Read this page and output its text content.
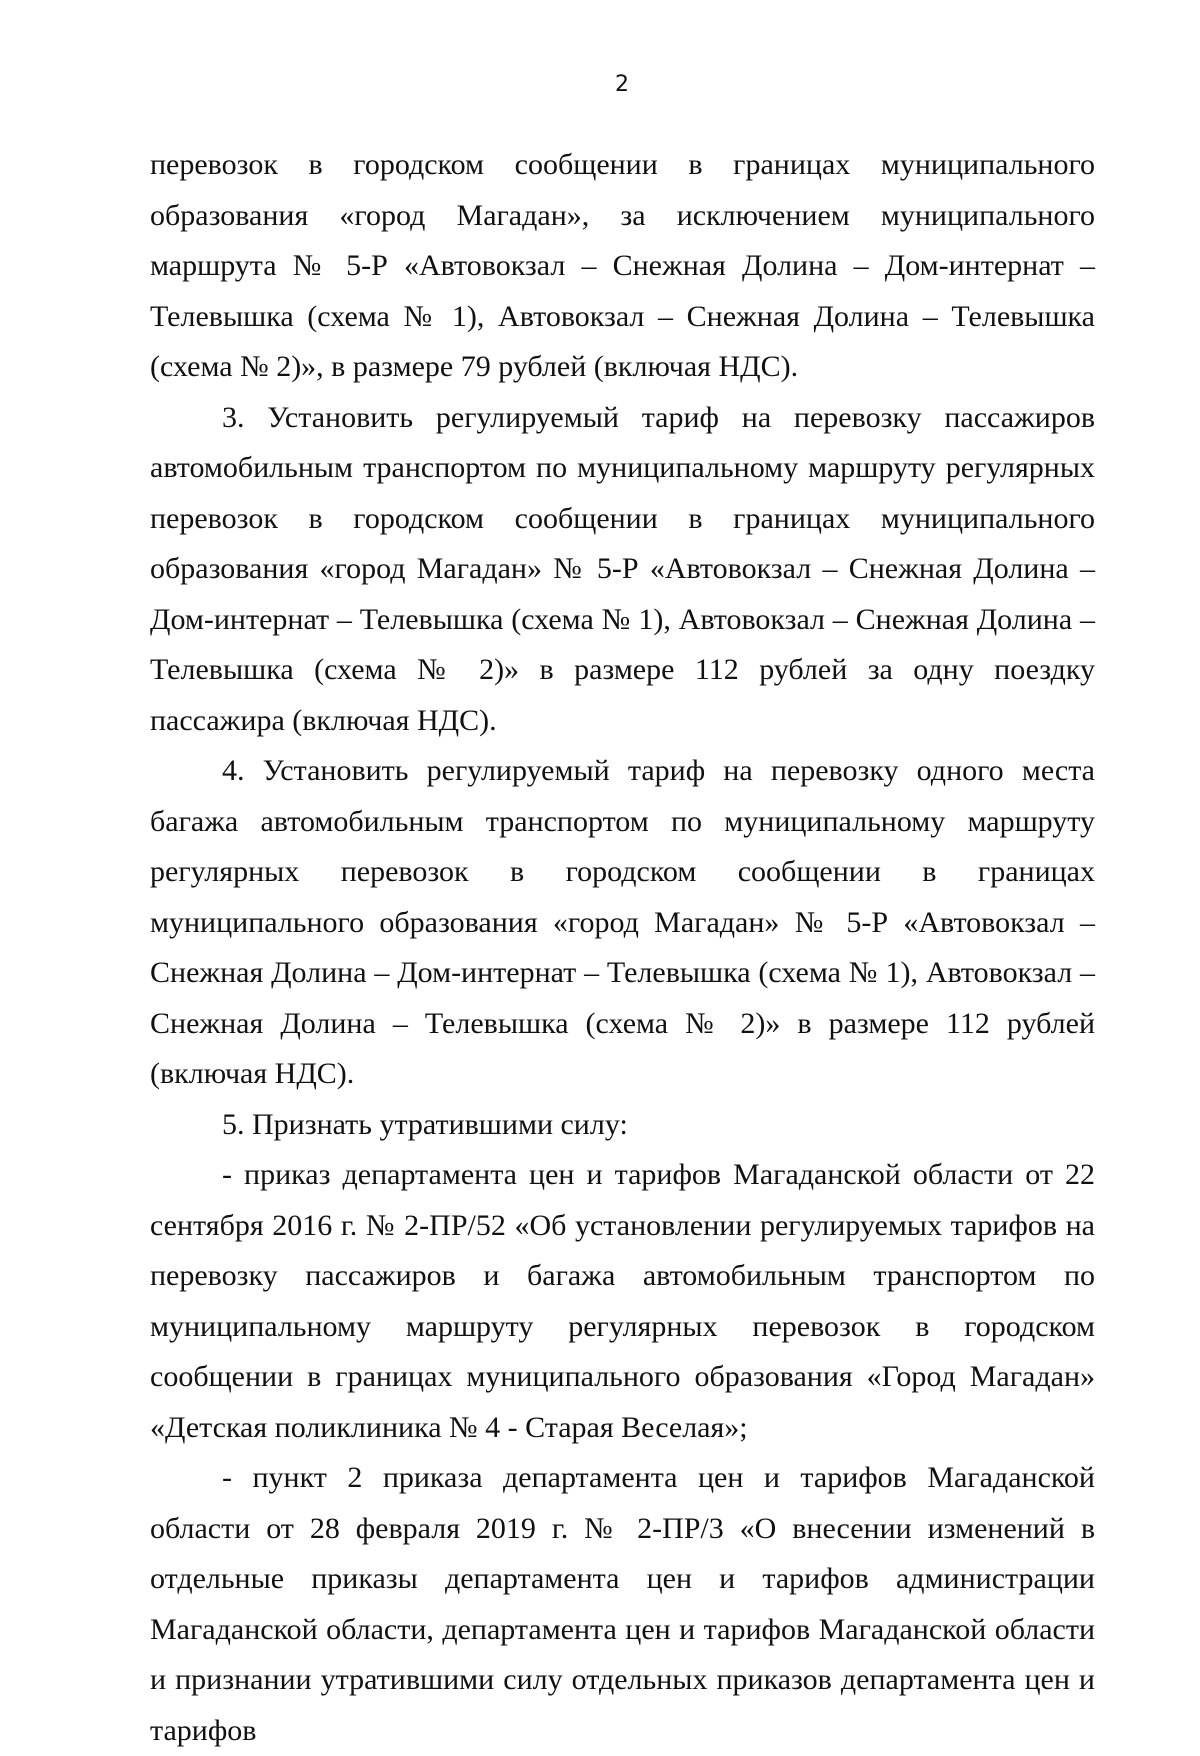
2

перевозок в городском сообщении в границах муниципального образования «город Магадан», за исключением муниципального маршрута № 5-Р «Автовокзал – Снежная Долина – Дом-интернат – Телевышка (схема № 1), Автовокзал – Снежная Долина – Телевышка (схема № 2)», в размере 79 рублей (включая НДС).

3. Установить регулируемый тариф на перевозку пассажиров автомобильным транспортом по муниципальному маршруту регулярных перевозок в городском сообщении в границах муниципального образования «город Магадан» № 5-Р «Автовокзал – Снежная Долина – Дом-интернат – Телевышка (схема № 1), Автовокзал – Снежная Долина – Телевышка (схема № 2)» в размере 112 рублей за одну поездку пассажира (включая НДС).

4. Установить регулируемый тариф на перевозку одного места багажа автомобильным транспортом по муниципальному маршруту регулярных перевозок в городском сообщении в границах муниципального образования «город Магадан» № 5-Р «Автовокзал – Снежная Долина – Дом-интернат – Телевышка (схема № 1), Автовокзал – Снежная Долина – Телевышка (схема № 2)» в размере 112 рублей (включая НДС).

5. Признать утратившими силу:

- приказ департамента цен и тарифов Магаданской области от 22 сентября 2016 г. № 2-ПР/52 «Об установлении регулируемых тарифов на перевозку пассажиров и багажа автомобильным транспортом по муниципальному маршруту регулярных перевозок в городском сообщении в границах муниципального образования «Город Магадан» «Детская поликлиника № 4 - Старая Веселая»;

- пункт 2 приказа департамента цен и тарифов Магаданской области от 28 февраля 2019 г. № 2-ПР/3 «О внесении изменений в отдельные приказы департамента цен и тарифов администрации Магаданской области, департамента цен и тарифов Магаданской области и признании утратившими силу отдельных приказов департамента цен и тарифов
